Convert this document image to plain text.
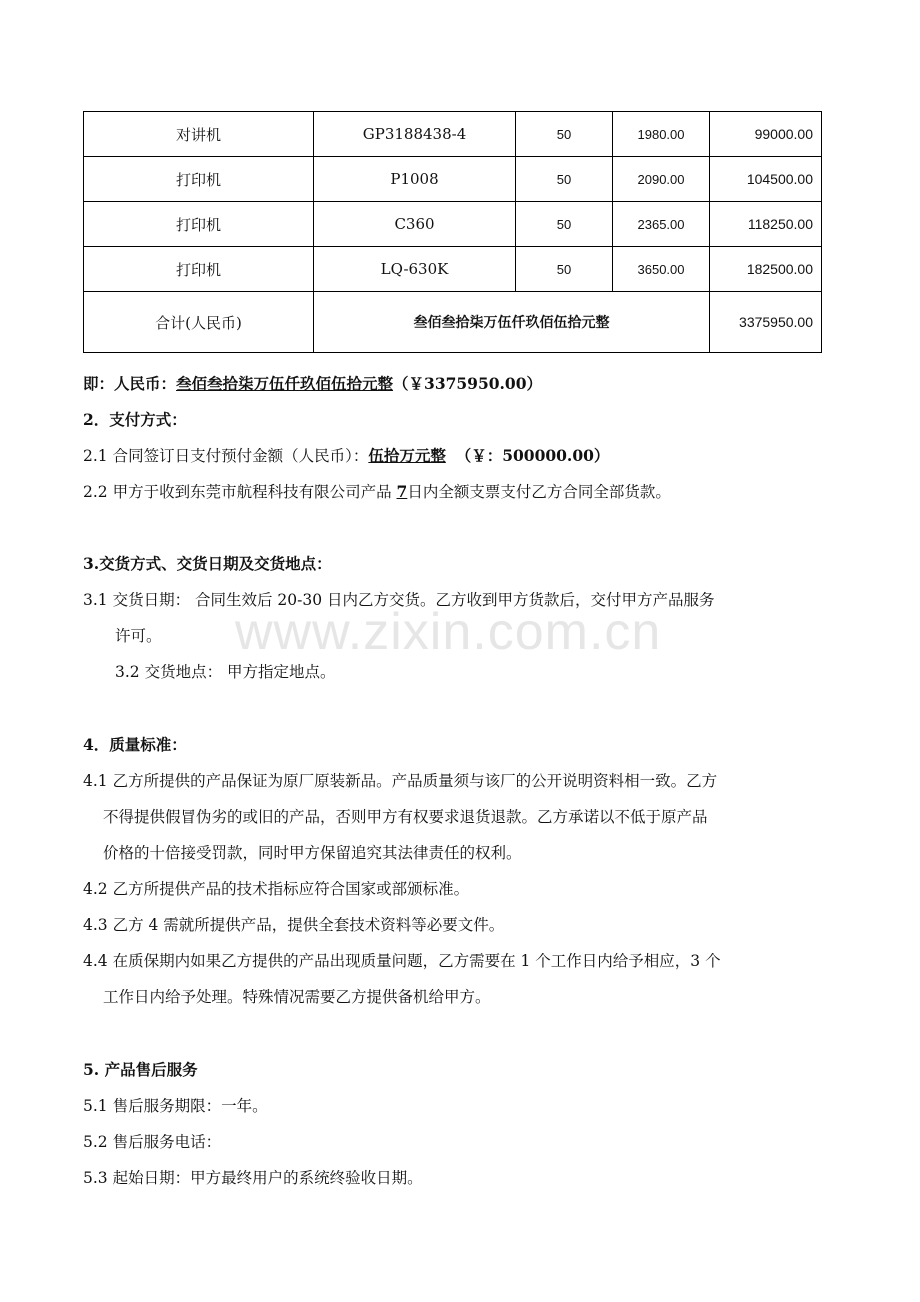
www.zixin.com.cn
对讲机	GP3188438-4	50	1980.00	99000.00
打印机	P1008	50	2090.00	104500.00
打印机	C360	50	2365.00	118250.00
打印机	LQ-630K	50	3650.00	182500.00
合计(人民币)	叁佰叁拾柒万伍仟玖佰伍拾元整			3375950.00
即：人民币：叁佰叁拾柒万伍仟玖佰伍拾元整（￥3375950.00）
2．支付方式：
2.1 合同签订日支付预付金额（人民币）：伍拾万元整 （￥：500000.00）
2.2 甲方于收到东莞市航程科技有限公司产品 7日内全额支票支付乙方合同全部货款。
3.交货方式、交货日期及交货地点：
3.1 交货日期： 合同生效后 20-30 日内乙方交货。乙方收到甲方货款后，交付甲方产品服务
许可。
3.2 交货地点： 甲方指定地点。
4．质量标准：
4.1 乙方所提供的产品保证为原厂原装新品。产品质量须与该厂的公开说明资料相一致。乙方
不得提供假冒伪劣的或旧的产品，否则甲方有权要求退货退款。乙方承诺以不低于原产品
价格的十倍接受罚款，同时甲方保留追究其法律责任的权利。
4.2 乙方所提供产品的技术指标应符合国家或部颁标准。
4.3 乙方 4 需就所提供产品，提供全套技术资料等必要文件。
4.4 在质保期内如果乙方提供的产品出现质量问题，乙方需要在 1 个工作日内给予相应，3 个
工作日内给予处理。特殊情况需要乙方提供备机给甲方。
5. 产品售后服务
5.1 售后服务期限：一年。
5.2 售后服务电话：
5.3 起始日期：甲方最终用户的系统终验收日期。
